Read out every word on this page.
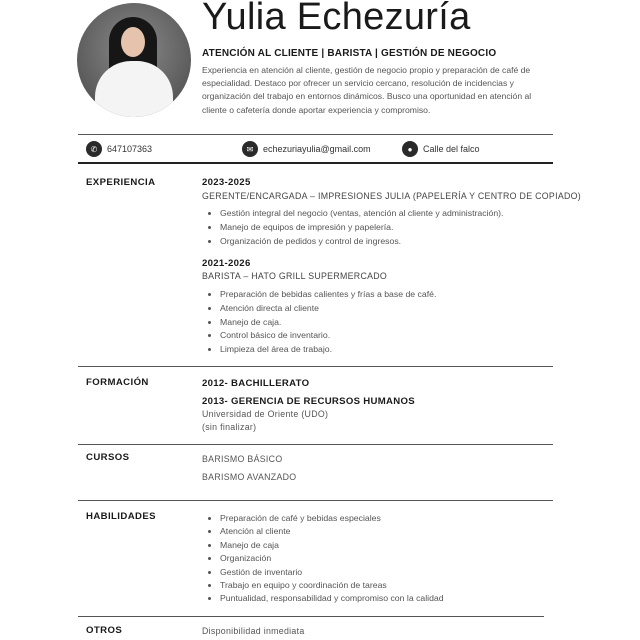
Yulia Echezuría
ATENCIÓN AL CLIENTE | BARISTA | GESTIÓN DE NEGOCIO
Experiencia en atención al cliente, gestión de negocio propio y preparación de café de especialidad. Destaco por ofrecer un servicio cercano, resolución de incidencias y organización del trabajo en entornos dinámicos. Busco una oportunidad en atención al cliente o cafetería donde aportar experiencia y compromiso.
✆	647107363	✉	echezuriayulia@gmail.com	●	Calle del falco
EXPERIENCIA	2023-2025
GERENTE/ENCARGADA – IMPRESIONES JULIA (PAPELERÍA Y CENTRO DE COPIADO)
• Gestión integral del negocio (ventas, atención al cliente y administración).
• Manejo de equipos de impresión y papelería.
• Organización de pedidos y control de ingresos.
2021-2026
BARISTA – HATO GRILL SUPERMERCADO
• Preparación de bebidas calientes y frías a base de café.
• Atención directa al cliente
• Manejo de caja.
• Control básico de inventario.
• Limpieza del área de trabajo.
FORMACIÓN	2012- BACHILLERATO
2013- GERENCIA DE RECURSOS HUMANOS
Universidad de Oriente (UDO)
(sin finalizar)
CURSOS	BARISMO BÁSICO
BARISMO AVANZADO
HABILIDADES
•	Preparación de café y bebidas especiales
• Atención al cliente
• Manejo de caja
• Organización
• Gestión de inventario
• Trabajo en equipo y coordinación de tareas
• Puntualidad, responsabilidad y compromiso con la calidad
OTROS	Disponibilidad inmediata
